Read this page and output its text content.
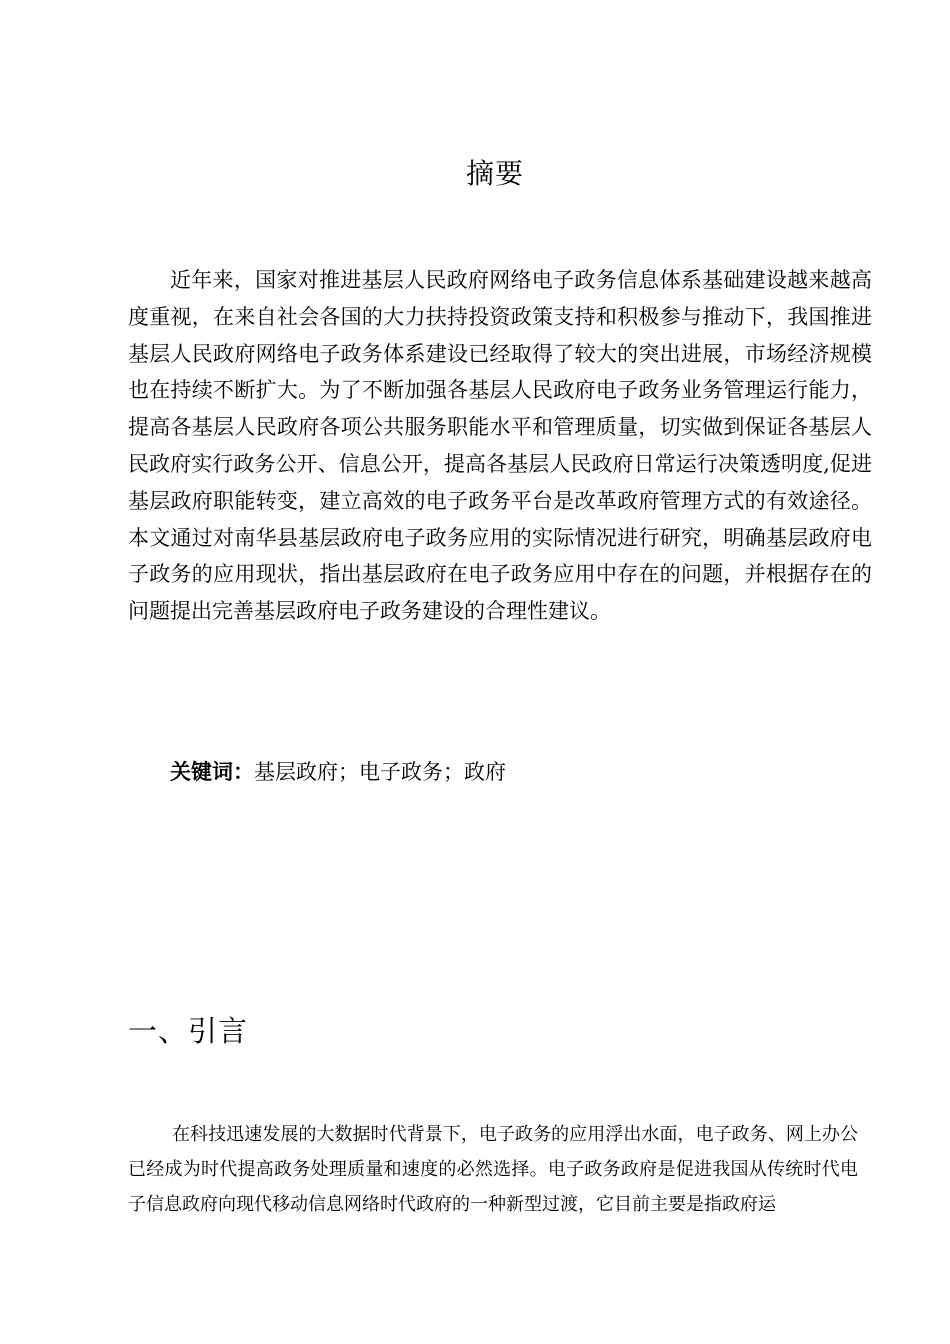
摘要

近年来，国家对推进基层人民政府网络电子政务信息体系基础建设越来越高度重视，在来自社会各国的大力扶持投资政策支持和积极参与推动下，我国推进基层人民政府网络电子政务体系建设已经取得了较大的突出进展，市场经济规模也在持续不断扩大。为了不断加强各基层人民政府电子政务业务管理运行能力，提高各基层人民政府各项公共服务职能水平和管理质量，切实做到保证各基层人民政府实行政务公开、信息公开，提高各基层人民政府日常运行决策透明度,促进基层政府职能转变，建立高效的电子政务平台是改革政府管理方式的有效途径。本文通过对南华县基层政府电子政务应用的实际情况进行研究，明确基层政府电子政务的应用现状，指出基层政府在电子政务应用中存在的问题，并根据存在的问题提出完善基层政府电子政务建设的合理性建议。

关键词：基层政府；电子政务；政府
一、引言

在科技迅速发展的大数据时代背景下，电子政务的应用浮出水面，电子政务、网上办公已经成为时代提高政务处理质量和速度的必然选择。电子政务政府是促进我国从传统时代电子信息政府向现代移动信息网络时代政府的一种新型过渡，它目前主要是指政府运
